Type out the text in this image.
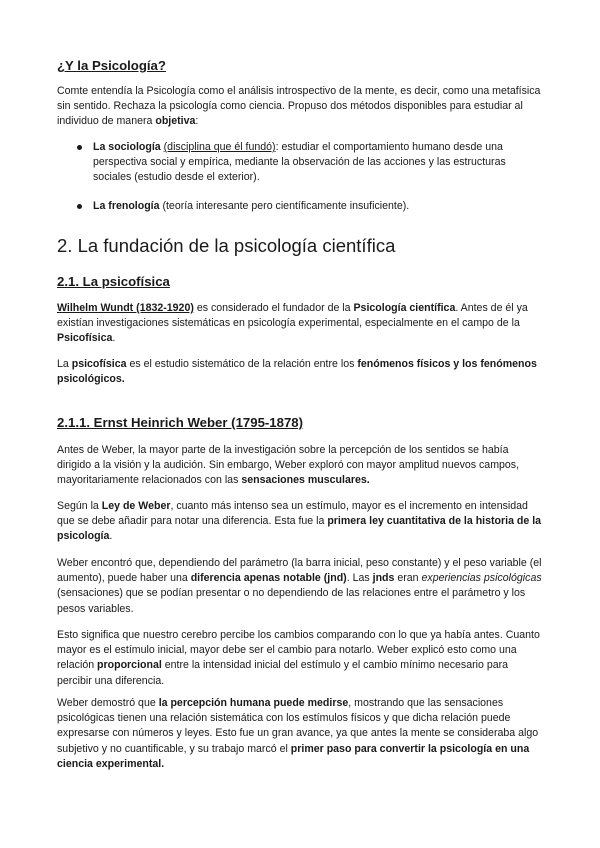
¿Y la Psicología?

Comte entendía la Psicología como el análisis introspectivo de la mente, es decir, como una metafísica sin sentido. Rechaza la psicología como ciencia. Propuso dos métodos disponibles para estudiar al individuo de manera objetiva:

La sociología (disciplina que él fundó): estudiar el comportamiento humano desde una perspectiva social y empírica, mediante la observación de las acciones y las estructuras sociales (estudio desde el exterior).

La frenología (teoría interesante pero científicamente insuficiente).

2. La fundación de la psicología científica
2.1. La psicofísica

Wilhelm Wundt (1832-1920) es considerado el fundador de la Psicología científica. Antes de él ya existían investigaciones sistemáticas en psicología experimental, especialmente en el campo de la Psicofísica.

La psicofísica es el estudio sistemático de la relación entre los fenómenos físicos y los fenómenos psicológicos.

2.1.1. Ernst Heinrich Weber (1795-1878)

Antes de Weber, la mayor parte de la investigación sobre la percepción de los sentidos se había dirigido a la visión y la audición. Sin embargo, Weber exploró con mayor amplitud nuevos campos, mayoritariamente relacionados con las sensaciones musculares.

Según la Ley de Weber, cuanto más intenso sea un estímulo, mayor es el incremento en intensidad que se debe añadir para notar una diferencia. Esta fue la primera ley cuantitativa de la historia de la psicología.

Weber encontró que, dependiendo del parámetro (la barra inicial, peso constante) y el peso variable (el aumento), puede haber una diferencia apenas notable (jnd). Las jnds eran experiencias psicológicas (sensaciones) que se podían presentar o no dependiendo de las relaciones entre el parámetro y los pesos variables.

Esto significa que nuestro cerebro percibe los cambios comparando con lo que ya había antes. Cuanto mayor es el estímulo inicial, mayor debe ser el cambio para notarlo. Weber explicó esto como una relación proporcional entre la intensidad inicial del estímulo y el cambio mínimo necesario para percibir una diferencia.

Weber demostró que la percepción humana puede medirse, mostrando que las sensaciones psicológicas tienen una relación sistemática con los estímulos físicos y que dicha relación puede expresarse con números y leyes. Esto fue un gran avance, ya que antes la mente se consideraba algo subjetivo y no cuantificable, y su trabajo marcó el primer paso para convertir la psicología en una ciencia experimental.
